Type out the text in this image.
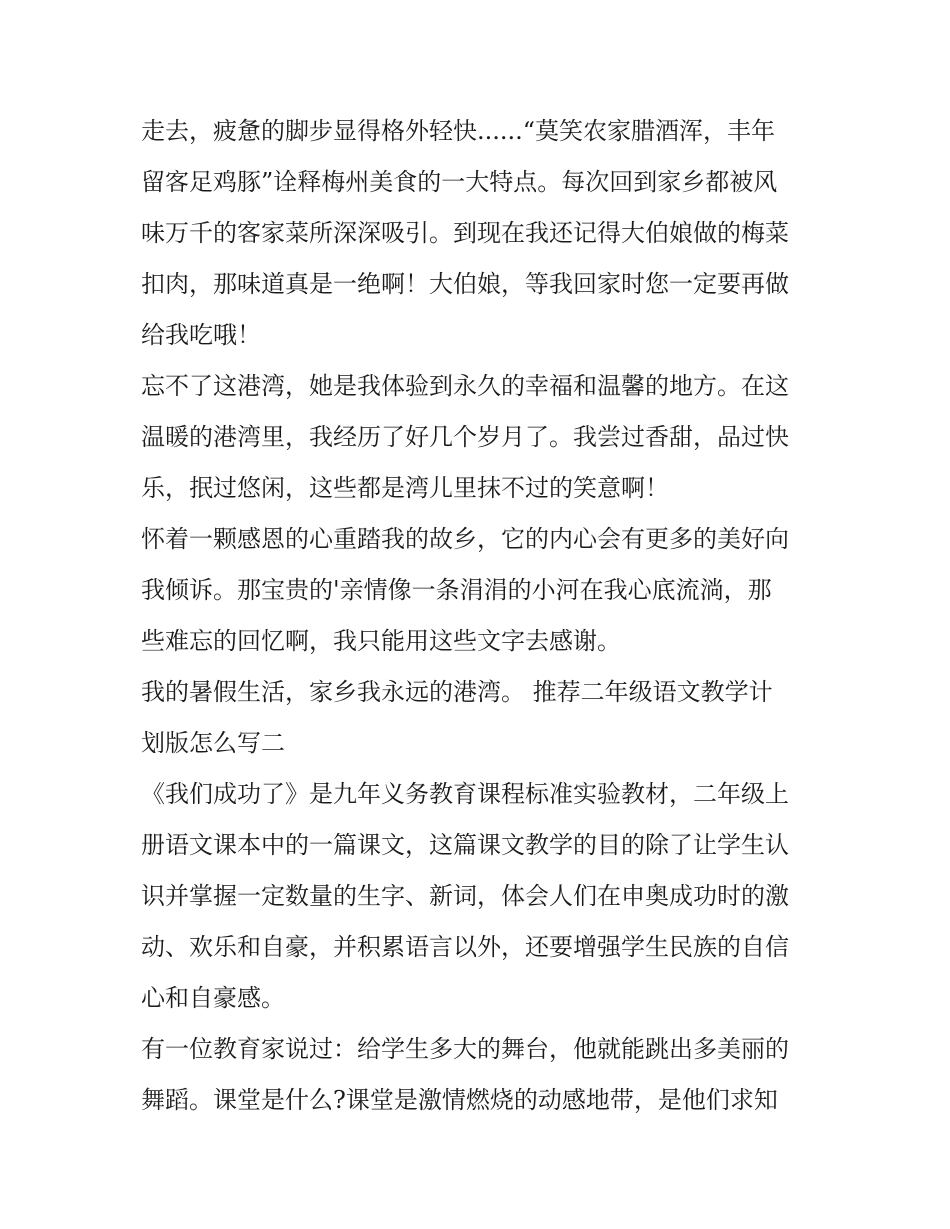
走去，疲惫的脚步显得格外轻快......“莫笑农家腊酒浑，丰年
留客足鸡豚”诠释梅州美食的一大特点。每次回到家乡都被风
味万千的客家菜所深深吸引。到现在我还记得大伯娘做的梅菜
扣肉，那味道真是一绝啊！大伯娘，等我回家时您一定要再做
给我吃哦！
忘不了这港湾，她是我体验到永久的幸福和温馨的地方。在这
温暖的港湾里，我经历了好几个岁月了。我尝过香甜，品过快
乐，抿过悠闲，这些都是湾儿里抹不过的笑意啊！
怀着一颗感恩的心重踏我的故乡，它的内心会有更多的美好向
我倾诉。那宝贵的'亲情像一条涓涓的小河在我心底流淌，那
些难忘的回忆啊，我只能用这些文字去感谢。
我的暑假生活，家乡我永远的港湾。 推荐二年级语文教学计
划版怎么写二
《我们成功了》是九年义务教育课程标准实验教材，二年级上
册语文课本中的一篇课文，这篇课文教学的目的除了让学生认
识并掌握一定数量的生字、新词，体会人们在申奥成功时的激
动、欢乐和自豪，并积累语言以外，还要增强学生民族的自信
心和自豪感。
有一位教育家说过：给学生多大的舞台，他就能跳出多美丽的
舞蹈。课堂是什么?课堂是激情燃烧的动感地带，是他们求知
